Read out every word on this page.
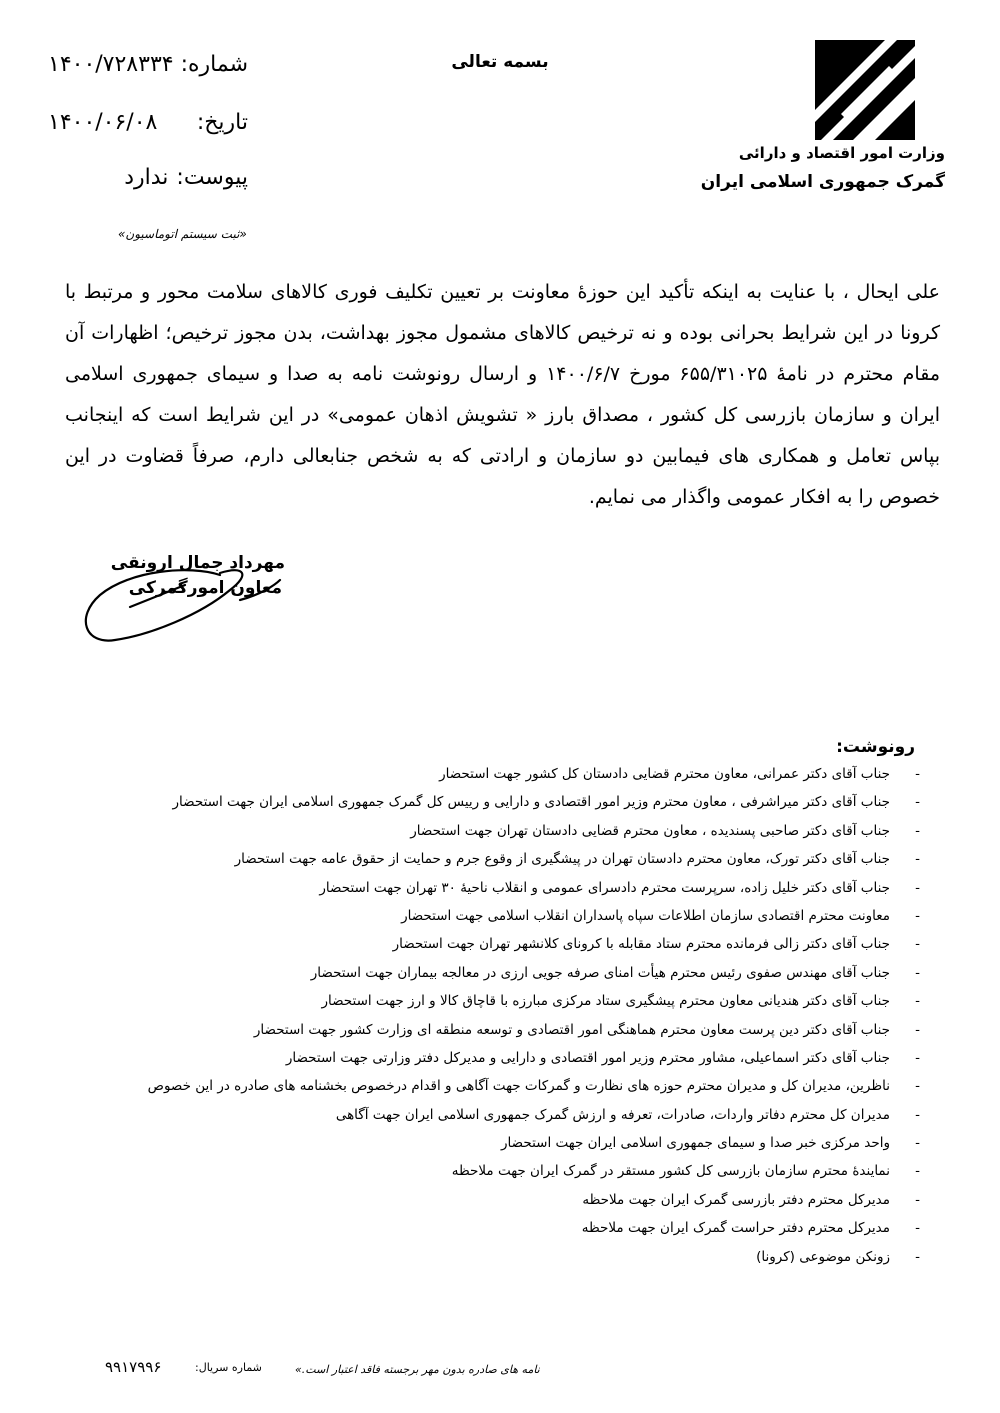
وزارت امور اقتصاد و دارائی
گمرک جمهوری اسلامی ایران
بسمه تعالی
شماره:
۱۴۰۰/۷۲۸۳۳۴
تاریخ:
۱۴۰۰/۰۶/۰۸
پیوست:
ندارد
«ثبت سیستم اتوماسیون»
علی ایحال ، با عنایت به اینکه تأکید این حوزهٔ معاونت بر تعیین تکلیف فوری کالاهای سلامت محور و مرتبط با کرونا در این شرایط بحرانی بوده و نه ترخیص کالاهای مشمول مجوز بهداشت، بدن مجوز ترخیص؛ اظهارات آن مقام محترم در نامهٔ ۶۵۵/۳۱۰۲۵ مورخ ۱۴۰۰/۶/۷ و ارسال رونوشت نامه به صدا و سیمای جمهوری اسلامی ایران و سازمان بازرسی کل کشور ، مصداق بارز « تشویش اذهان عمومی» در این شرایط است که اینجانب بپاس تعامل و همکاری های فیمابین دو سازمان و ارادتی که به شخص جنابعالی دارم، صرفاً قضاوت در این خصوص را به افکار عمومی واگذار می نمایم.
مهرداد جمال ارونقی
معاون امورگمرکی
رونوشت:
-
جناب آقای دکتر عمرانی، معاون محترم قضایی دادستان کل کشور جهت استحضار
-
جناب آقای دکتر میراشرفی ، معاون محترم وزیر امور اقتصادی و دارایی و رییس کل گمرک جمهوری اسلامی ایران جهت استحضار
-
جناب آقای دکتر صاحبی پسندیده ، معاون محترم قضایی دادستان تهران جهت استحضار
-
جناب آقای دکتر تورک، معاون محترم دادستان تهران در پیشگیری از وقوع جرم و حمایت از حقوق عامه جهت استحضار
-
جناب آقای دکتر خلیل زاده، سرپرست محترم دادسرای عمومی و انقلاب ناحیهٔ ۳۰ تهران جهت استحضار
-
معاونت محترم اقتصادی سازمان اطلاعات سپاه پاسداران انقلاب اسلامی جهت استحضار
-
جناب آقای دکتر زالی فرمانده محترم ستاد مقابله با کرونای کلانشهر تهران جهت استحضار
-
جناب آقای مهندس صفوی رئیس محترم هیأت امنای صرفه جویی ارزی در معالجه بیماران جهت استحضار
-
جناب آقای دکتر هندیانی معاون محترم پیشگیری ستاد مرکزی مبارزه با قاچاق کالا و ارز جهت استحضار
-
جناب آقای دکتر دین پرست معاون محترم هماهنگی امور اقتصادی و توسعه منطقه ای وزارت کشور جهت استحضار
-
جناب آقای دکتر اسماعیلی، مشاور محترم وزیر امور اقتصادی و دارایی و مدیرکل دفتر وزارتی جهت استحضار
-
ناظرین، مدیران کل و مدیران محترم حوزه های نظارت و گمرکات جهت آگاهی و اقدام درخصوص بخشنامه های صادره در این خصوص
-
مدیران کل محترم دفاتر واردات، صادرات، تعرفه و ارزش گمرک جمهوری اسلامی ایران جهت آگاهی
-
واحد مرکزی خبر صدا و سیمای جمهوری اسلامی ایران جهت استحضار
-
نمایندهٔ محترم سازمان بازرسی کل کشور مستقر در گمرک ایران جهت ملاحظه
-
مدیرکل محترم دفتر بازرسی گمرک ایران جهت ملاحظه
-
مدیرکل محترم دفتر حراست گمرک ایران جهت ملاحظه
-
زونکن موضوعی (کرونا)
نامه های صادره بدون مهر برجسته فاقد اعتبار است.»
شماره سریال:
۹۹۱۷۹۹۶
